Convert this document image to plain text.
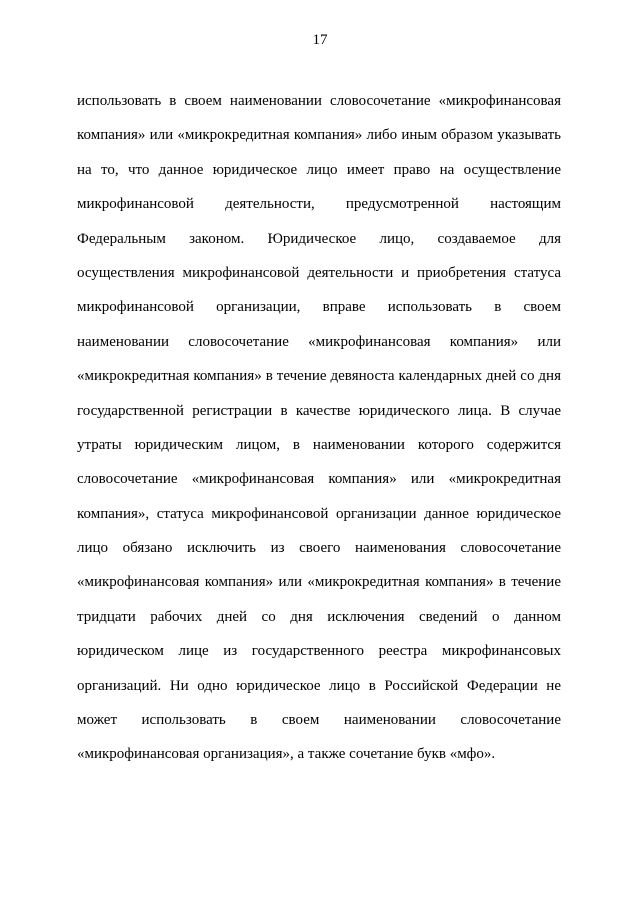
17
использовать в своем наименовании словосочетание «микрофинансовая
компания» или «микрокредитная компания» либо иным образом указывать
на то, что данное юридическое лицо имеет право на осуществление
микрофинансовой деятельности, предусмотренной настоящим
Федеральным законом. Юридическое лицо, создаваемое для
осуществления микрофинансовой деятельности и приобретения статуса
микрофинансовой организации, вправе использовать в своем
наименовании словосочетание «микрофинансовая компания» или
«микрокредитная компания» в течение девяноста календарных дней со дня
государственной регистрации в качестве юридического лица. В случае
утраты юридическим лицом, в наименовании которого содержится
словосочетание «микрофинансовая компания» или «микрокредитная
компания», статуса микрофинансовой организации данное юридическое
лицо обязано исключить из своего наименования словосочетание
«микрофинансовая компания» или «микрокредитная компания» в течение
тридцати рабочих дней со дня исключения сведений о данном
юридическом лице из государственного реестра микрофинансовых
организаций. Ни одно юридическое лицо в Российской Федерации не
может использовать в своем наименовании словосочетание
«микрофинансовая организация», а также сочетание букв «мфо».
